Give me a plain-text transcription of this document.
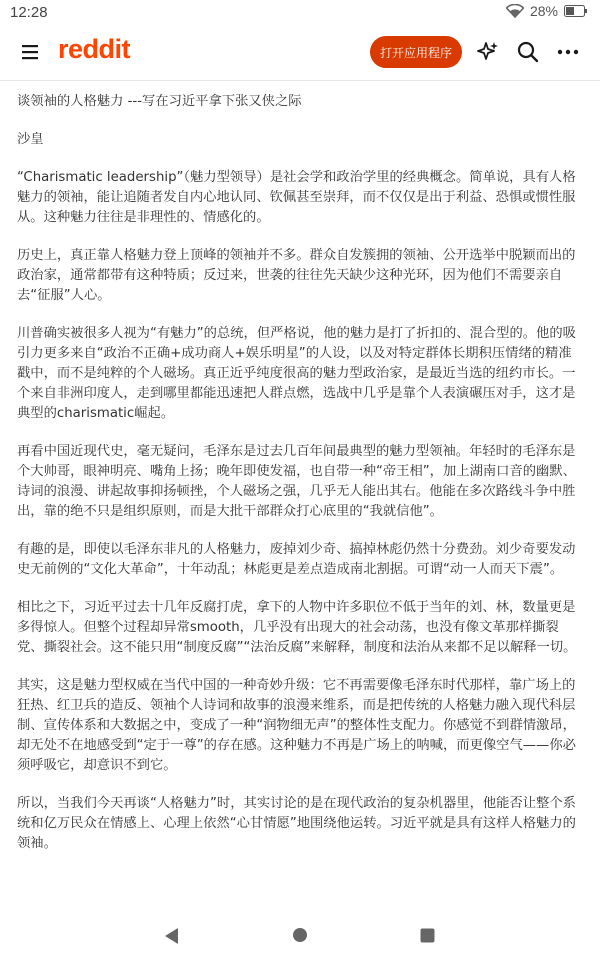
12:28	28%
reddit	打开应用程序

谈领袖的人格魅力 ---写在习近平拿下张又侠之际

沙皇

“Charismatic leadership”（魅力型领导）是社会学和政治学里的经典概念。简单说，具有人格魅力的领袖，能让追随者发自内心地认同、钦佩甚至崇拜，而不仅仅是出于利益、恐惧或惯性服从。这种魅力往往是非理性的、情感化的。

历史上，真正靠人格魅力登上顶峰的领袖并不多。群众自发簇拥的领袖、公开选举中脱颖而出的政治家，通常都带有这种特质；反过来，世袭的往往先天缺少这种光环，因为他们不需要亲自去“征服”人心。

川普确实被很多人视为“有魅力”的总统，但严格说，他的魅力是打了折扣的、混合型的。他的吸引力更多来自“政治不正确+成功商人+娱乐明星”的人设，以及对特定群体长期积压情绪的精准戳中，而不是纯粹的个人磁场。真正近乎纯度很高的魅力型政治家，是最近当选的纽约市长。一个来自非洲印度人，走到哪里都能迅速把人群点燃，选战中几乎是靠个人表演碾压对手，这才是典型的charismatic崛起。

再看中国近现代史，毫无疑问，毛泽东是过去几百年间最典型的魅力型领袖。年轻时的毛泽东是个大帅哥，眼神明亮、嘴角上扬；晚年即使发福，也自带一种“帝王相”，加上湖南口音的幽默、诗词的浪漫、讲起故事抑扬顿挫，个人磁场之强，几乎无人能出其右。他能在多次路线斗争中胜出，靠的绝不只是组织原则，而是大批干部群众打心底里的“我就信他”。

有趣的是，即使以毛泽东非凡的人格魅力，废掉刘少奇、搞掉林彪仍然十分费劲。刘少奇要发动史无前例的“文化大革命”，十年动乱；林彪更是差点造成南北割据。可谓“动一人而天下震”。

相比之下，习近平过去十几年反腐打虎，拿下的人物中许多职位不低于当年的刘、林，数量更是多得惊人。但整个过程却异常smooth，几乎没有出现大的社会动荡，也没有像文革那样撕裂党、撕裂社会。这不能只用“制度反腐”“法治反腐”来解释，制度和法治从来都不足以解释一切。

其实，这是魅力型权威在当代中国的一种奇妙升级：它不再需要像毛泽东时代那样，靠广场上的狂热、红卫兵的造反、领袖个人诗词和故事的浪漫来维系，而是把传统的人格魅力融入现代科层制、宣传体系和大数据之中，变成了一种“润物细无声”的整体性支配力。你感觉不到群情激昂，却无处不在地感受到“定于一尊”的存在感。这种魅力不再是广场上的呐喊，而更像空气——你必须呼吸它，却意识不到它。

所以，当我们今天再谈“人格魅力”时，其实讨论的是在现代政治的复杂机器里，他能否让整个系统和亿万民众在情感上、心理上依然“心甘情愿”地围绕他运转。习近平就是具有这样人格魅力的领袖。
